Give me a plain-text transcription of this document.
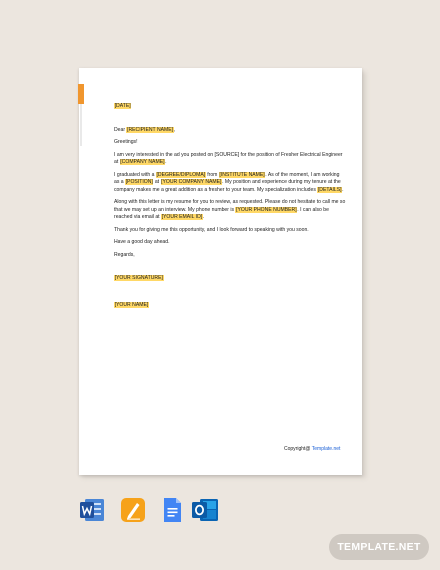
[DATE]

Dear [RECIPIENT NAME],

Greetings!

I am very interested in the ad you posted on [SOURCE] for the position of Fresher Electrical Engineer at [COMPANY NAME].

I graduated with a [DEGREE/DIPLOMA] from [INSTITUTE NAME]. As of the moment, I am working as a [POSITION] at [YOUR COMPANY NAME]. My position and experience during my tenure at the company makes me a great addition as a fresher to your team. My specialization includes [DETAILS].

Along with this letter is my resume for you to review, as requested. Please do not hesitate to call me so that we may set up an interview. My phone number is [YOUR PHONE NUMBER]. I can also be reached via email at [YOUR EMAIL ID].

Thank you for giving me this opportunity, and I look forward to speaking with you soon.

Have a good day ahead.

Regards,

[YOUR SIGNATURE]

[YOUR NAME]

Copyright@ Template.net
TEMPLATE.NET
